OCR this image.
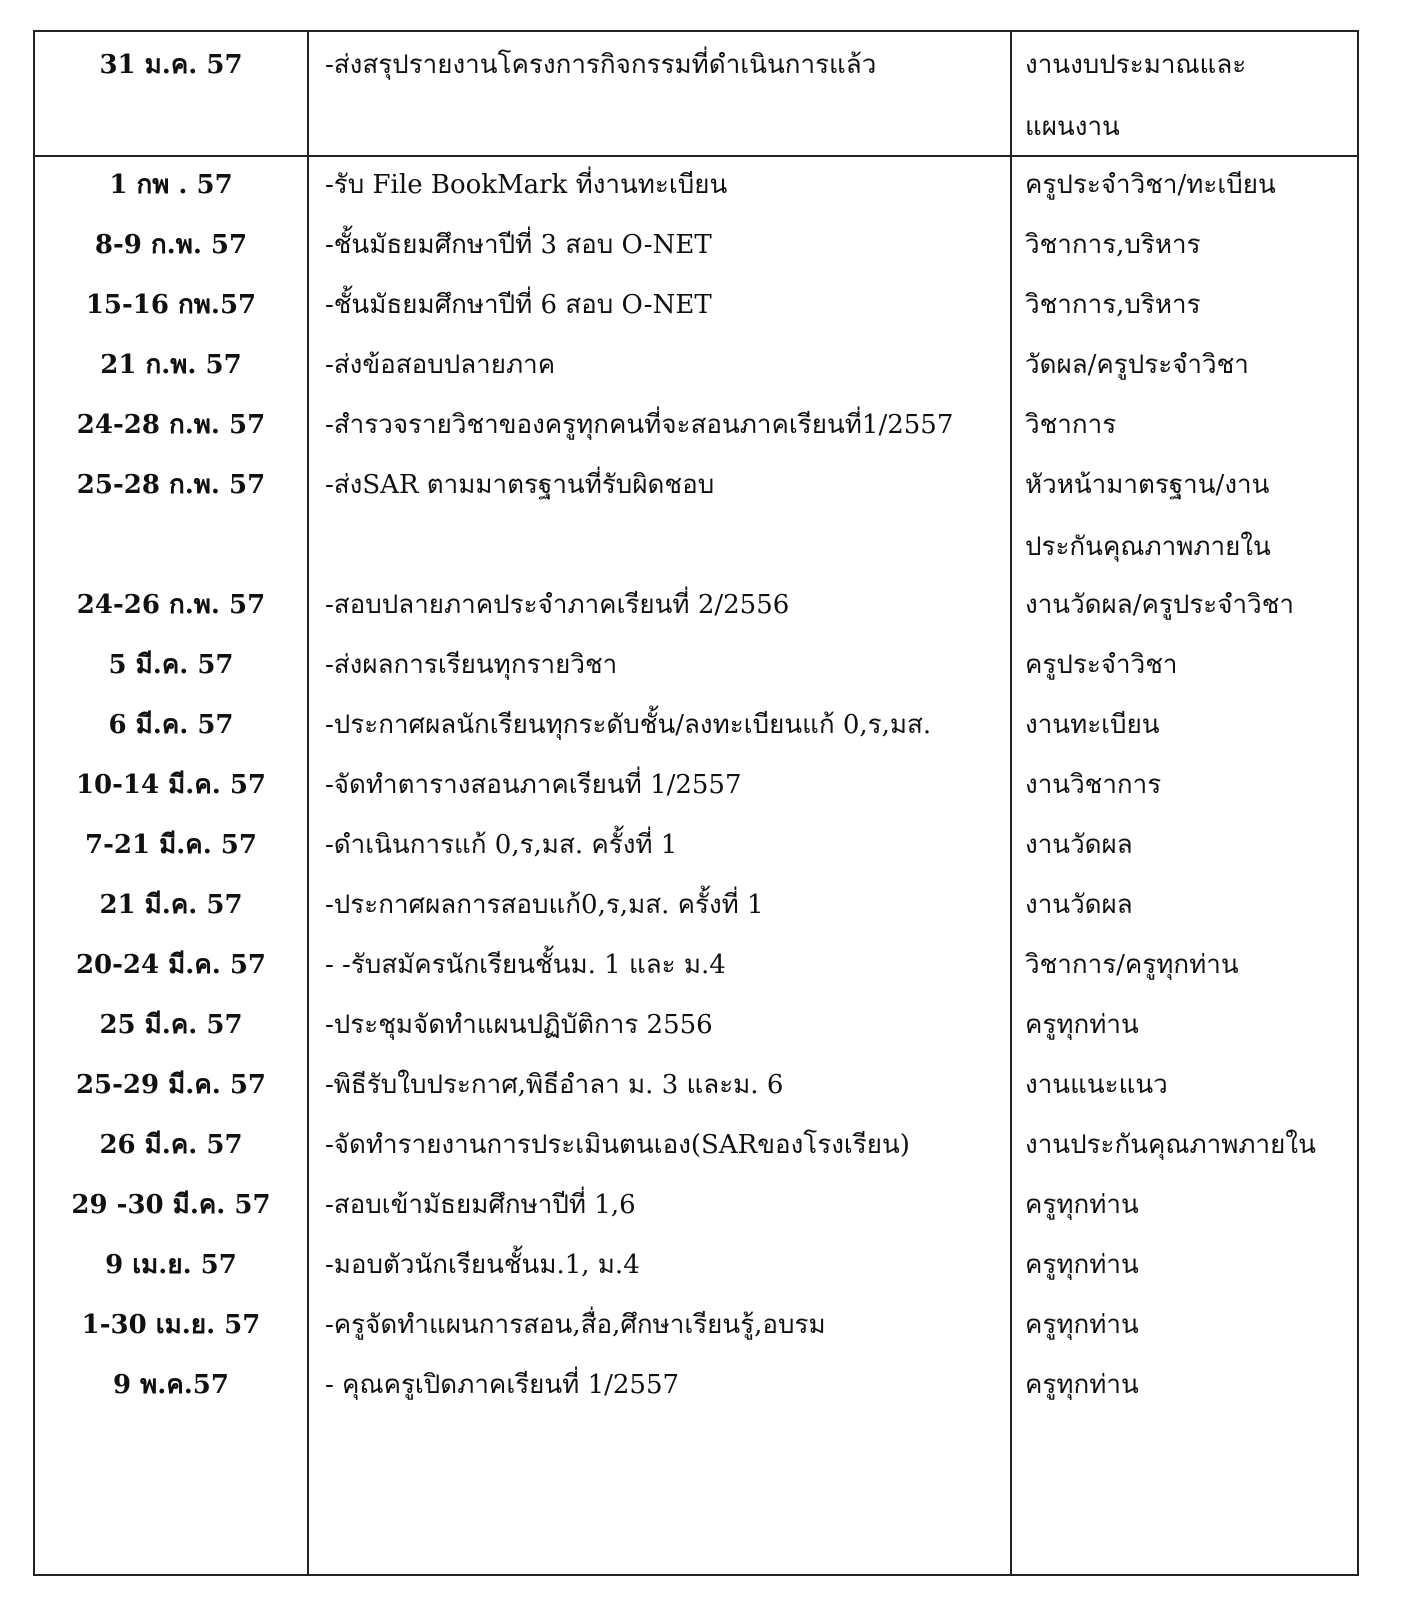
31 ม.ค. 57	-ส่งสรุปรายงานโครงการกิจกรรมที่ดำเนินการแล้ว	งานงบประมาณและแผนงาน
1 กพ . 57	-รับ File BookMark ที่งานทะเบียน	ครูประจำวิชา/ทะเบียน
8-9 ก.พ. 57	-ชั้นมัธยมศึกษาปีที่ 3 สอบ O-NET	วิชาการ,บริหาร
15-16 กพ.57	-ชั้นมัธยมศึกษาปีที่ 6 สอบ O-NET	วิชาการ,บริหาร
21 ก.พ. 57	-ส่งข้อสอบปลายภาค	วัดผล/ครูประจำวิชา
24-28 ก.พ. 57	-สำรวจรายวิชาของครูทุกคนที่จะสอนภาคเรียนที่1/2557	วิชาการ
25-28 ก.พ. 57	-ส่งSAR ตามมาตรฐานที่รับผิดชอบ	หัวหน้ามาตรฐาน/งานประกันคุณภาพภายใน
24-26 ก.พ. 57	-สอบปลายภาคประจำภาคเรียนที่ 2/2556	งานวัดผล/ครูประจำวิชา
5 มี.ค. 57	-ส่งผลการเรียนทุกรายวิชา	ครูประจำวิชา
6 มี.ค. 57	-ประกาศผลนักเรียนทุกระดับชั้น/ลงทะเบียนแก้ 0,ร,มส.	งานทะเบียน
10-14 มี.ค. 57	-จัดทำตารางสอนภาคเรียนที่ 1/2557	งานวิชาการ
7-21 มี.ค. 57	-ดำเนินการแก้ 0,ร,มส. ครั้งที่ 1	งานวัดผล
21 มี.ค. 57	-ประกาศผลการสอบแก้0,ร,มส. ครั้งที่ 1	งานวัดผล
20-24 มี.ค. 57	- -รับสมัครนักเรียนชั้นม. 1 และ ม.4	วิชาการ/ครูทุกท่าน
25 มี.ค. 57	-ประชุมจัดทำแผนปฏิบัติการ 2556	ครูทุกท่าน
25-29 มี.ค. 57	-พิธีรับใบประกาศ,พิธีอำลา ม. 3 และม. 6	งานแนะแนว
26 มี.ค. 57	-จัดทำรายงานการประเมินตนเอง(SARของโรงเรียน)	งานประกันคุณภาพภายใน
29 -30 มี.ค. 57	-สอบเข้ามัธยมศึกษาปีที่ 1,6	ครูทุกท่าน
9 เม.ย. 57	-มอบตัวนักเรียนชั้นม.1, ม.4	ครูทุกท่าน
1-30 เม.ย. 57	-ครูจัดทำแผนการสอน,สื่อ,ศึกษาเรียนรู้,อบรม	ครูทุกท่าน
9 พ.ค.57	- คุณครูเปิดภาคเรียนที่ 1/2557	ครูทุกท่าน
